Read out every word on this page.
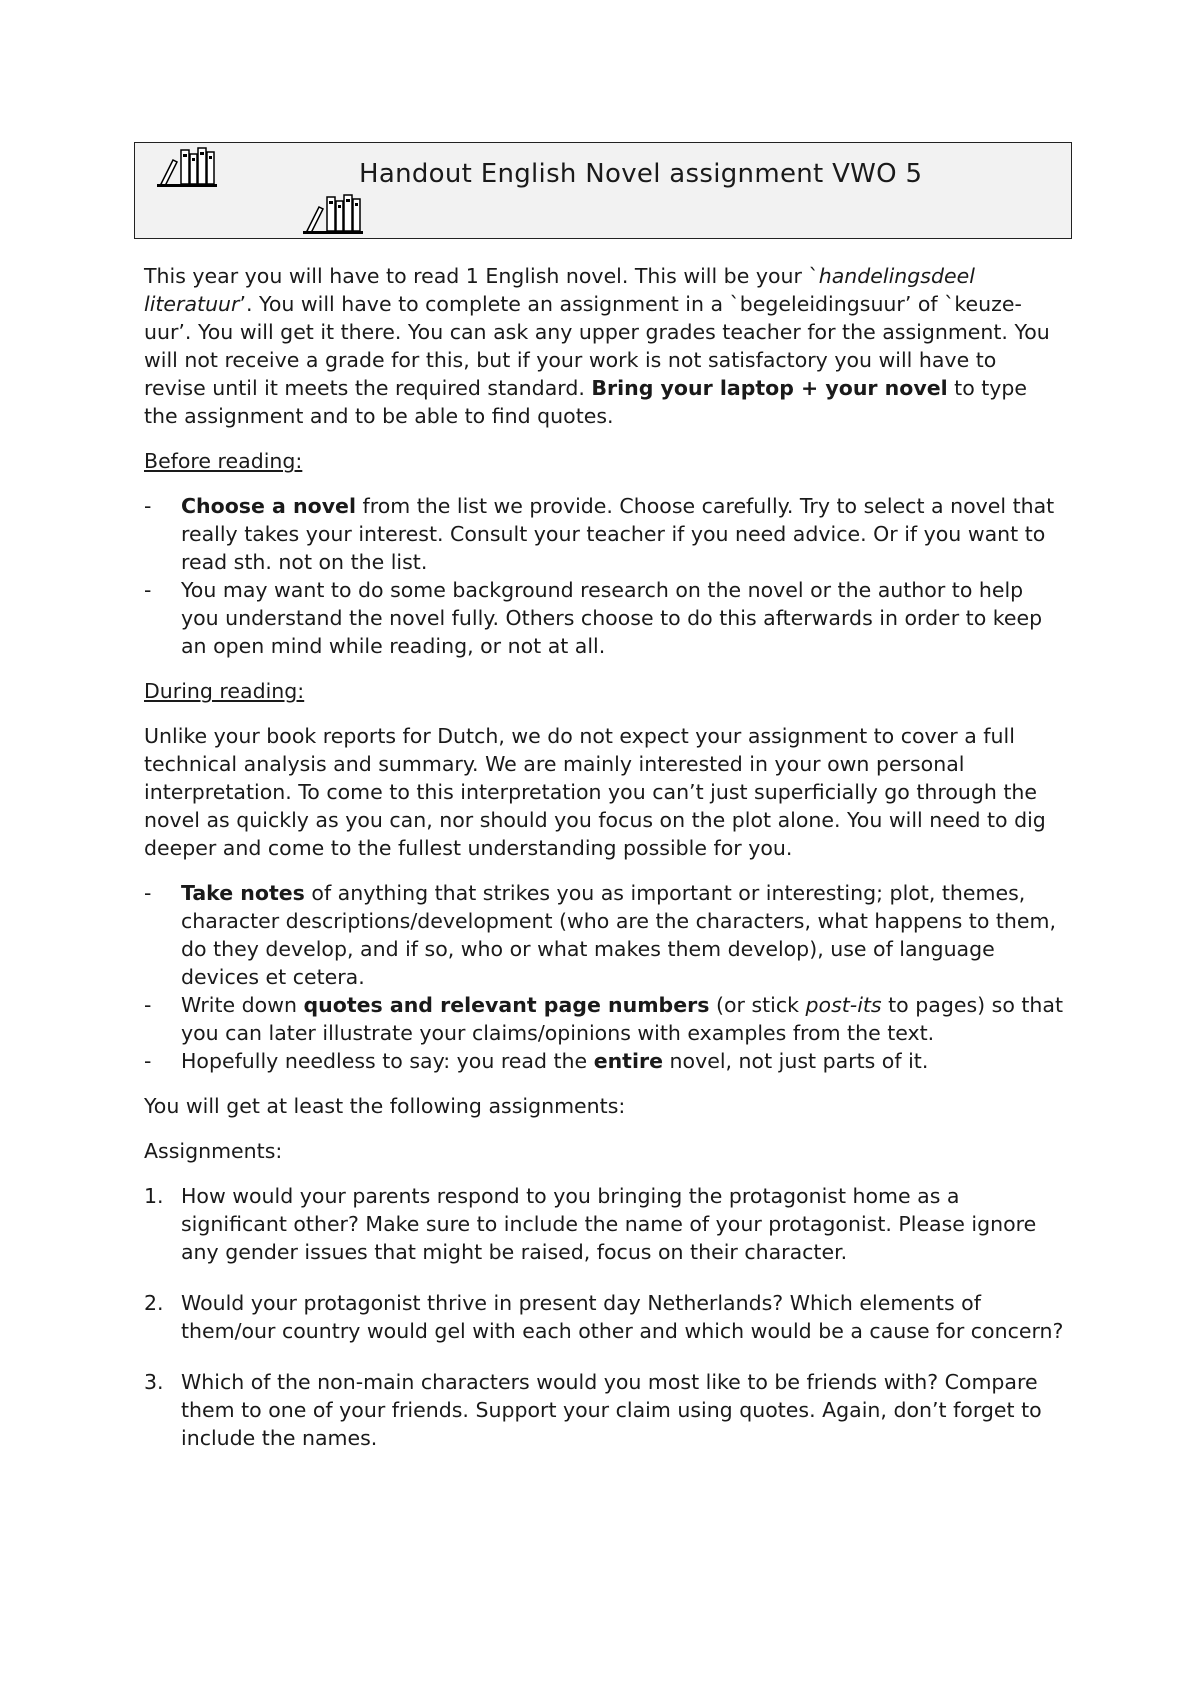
Handout English Novel assignment VWO 5

This year you will have to read 1 English novel. This will be your `handelingsdeel literatuur’. You will have to complete an assignment in a `begeleidingsuur’ of `keuze-uur’. You will get it there. You can ask any upper grades teacher for the assignment. You will not receive a grade for this, but if your work is not satisfactory you will have to revise until it meets the required standard. Bring your laptop + your novel to type the assignment and to be able to find quotes.

Before reading:

- Choose a novel from the list we provide. Choose carefully. Try to select a novel that really takes your interest. Consult your teacher if you need advice. Or if you want to read sth. not on the list.
- You may want to do some background research on the novel or the author to help you understand the novel fully. Others choose to do this afterwards in order to keep an open mind while reading, or not at all.

During reading:

Unlike your book reports for Dutch, we do not expect your assignment to cover a full technical analysis and summary. We are mainly interested in your own personal interpretation. To come to this interpretation you can’t just superficially go through the novel as quickly as you can, nor should you focus on the plot alone. You will need to dig deeper and come to the fullest understanding possible for you.

- Take notes of anything that strikes you as important or interesting; plot, themes, character descriptions/development (who are the characters, what happens to them, do they develop, and if so, who or what makes them develop), use of language devices et cetera.
- Write down quotes and relevant page numbers (or stick post-its to pages) so that you can later illustrate your claims/opinions with examples from the text.
- Hopefully needless to say: you read the entire novel, not just parts of it.

You will get at least the following assignments:

Assignments:

1. How would your parents respond to you bringing the protagonist home as a significant other? Make sure to include the name of your protagonist. Please ignore any gender issues that might be raised, focus on their character.
2. Would your protagonist thrive in present day Netherlands? Which elements of them/our country would gel with each other and which would be a cause for concern?
3. Which of the non-main characters would you most like to be friends with? Compare them to one of your friends. Support your claim using quotes. Again, don’t forget to include the names.
